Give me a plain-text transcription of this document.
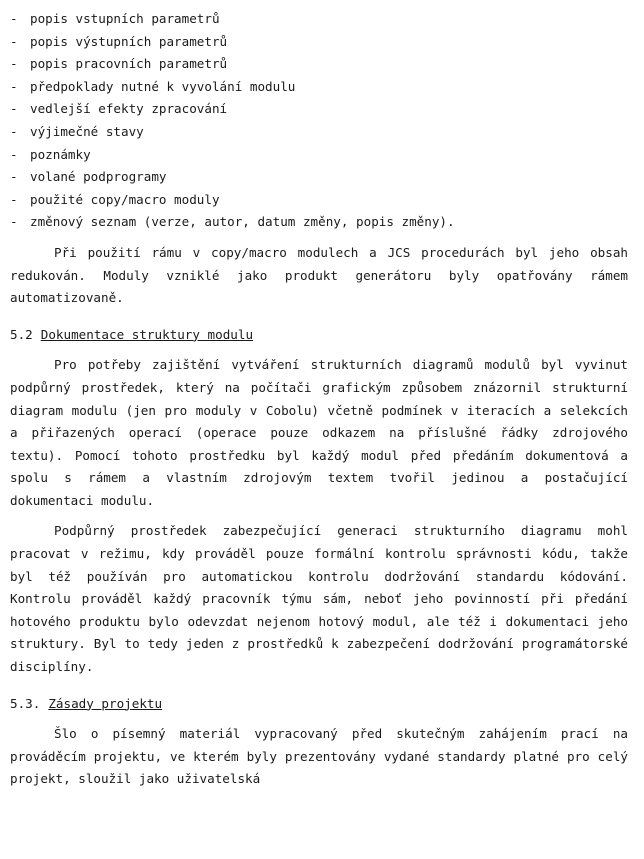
- popis vstupních parametrů
- popis výstupních parametrů
- popis pracovních parametrů
- předpoklady nutné k vyvolání modulu
- vedlejší efekty zpracování
- výjimečné stavy
- poznámky
- volané podprogramy
- použité copy/macro moduly
- změnový seznam (verze, autor, datum změny, popis změny).

Při použití rámu v copy/macro modulech a JCS procedurách byl jeho obsah redukován. Moduly vzniklé jako produkt generátoru byly opatřovány rámem automatizovaně.

5.2 Dokumentace struktury modulu

Pro potřeby zajištění vytváření strukturních diagramů modulů byl vyvinut podpůrný prostředek, který na počítači grafickým způsobem znázornil strukturní diagram modulu (jen pro moduly v Cobolu) včetně podmínek v iteracích a selekcích a přiřazených operací (operace pouze odkazem na příslušné řádky zdrojového textu). Pomocí tohoto prostředku byl každý modul před předáním dokumentová a spolu s rámem a vlastním zdrojovým textem tvořil jedinou a postačující dokumentaci modulu.

Podpůrný prostředek zabezpečující generaci strukturního diagramu mohl pracovat v režimu, kdy prováděl pouze formální kontrolu správnosti kódu, takže byl též používán pro automatickou kontrolu dodržování standardu kódování. Kontrolu prováděl každý pracovník týmu sám, neboť jeho povinností při předání hotového produktu bylo odevzdat nejenom hotový modul, ale též i dokumentaci jeho struktury. Byl to tedy jeden z prostředků k zabezpečení dodržování programátorské disciplíny.

5.3. Zásady projektu

Šlo o písemný materiál vypracovaný před skutečným zahájením prací na prováděcím projektu, ve kterém byly prezentovány vydané standardy platné pro celý projekt, sloužil jako uživatelská
